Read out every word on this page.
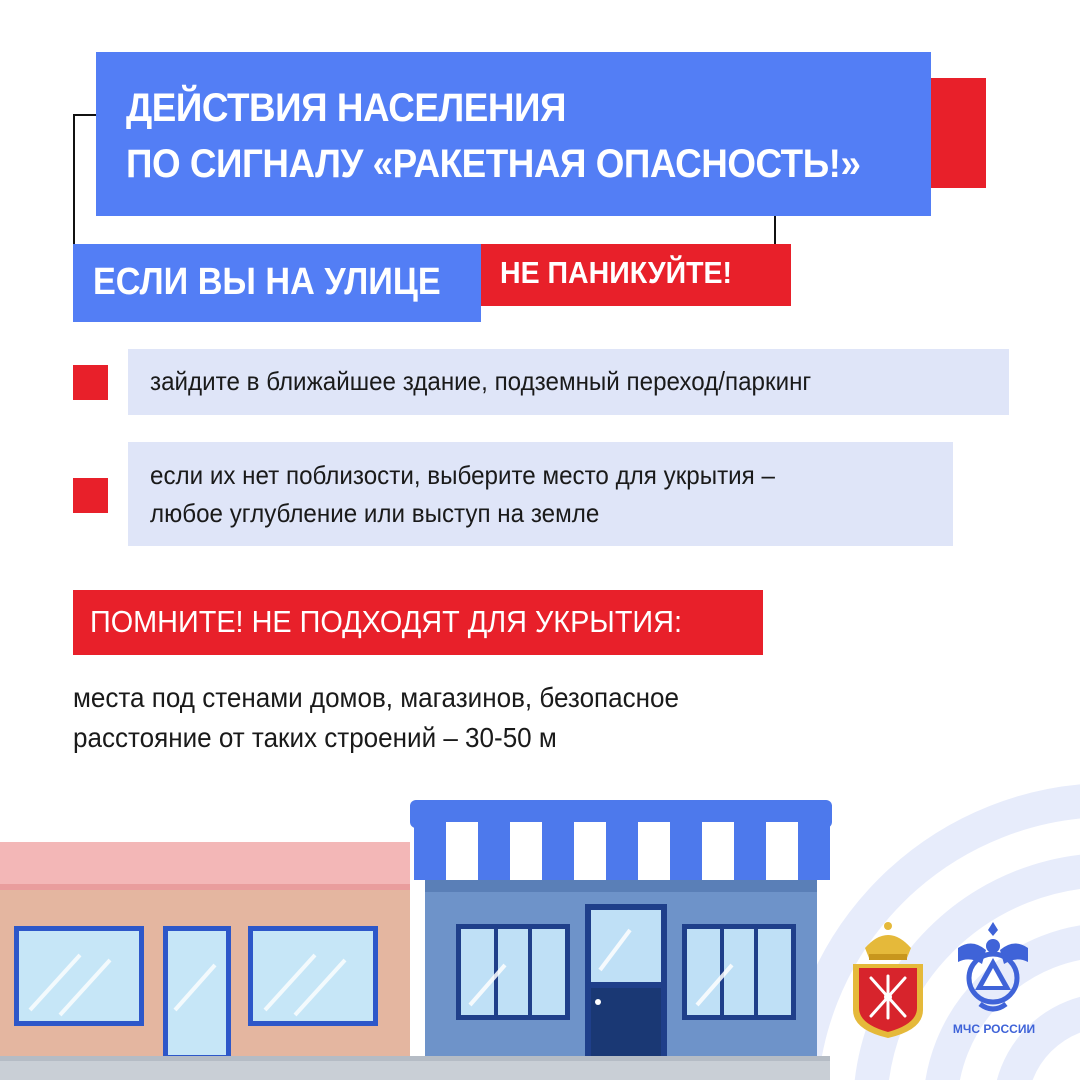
ДЕЙСТВИЯ НАСЕЛЕНИЯ
ПО СИГНАЛУ «РАКЕТНАЯ ОПАСНОСТЬ!»
ЕСЛИ ВЫ НА УЛИЦЕ НЕ ПАНИКУЙТЕ!
зайдите в ближайшее здание, подземный переход/паркинг
если их нет поблизости, выберите место для укрытия –
любое углубление или выступ на земле
ПОМНИТЕ! НЕ ПОДХОДЯТ ДЛЯ УКРЫТИЯ:
места под стенами домов, магазинов, безопасное
расстояние от таких строений – 30-50 м
МЧС РОССИИ
